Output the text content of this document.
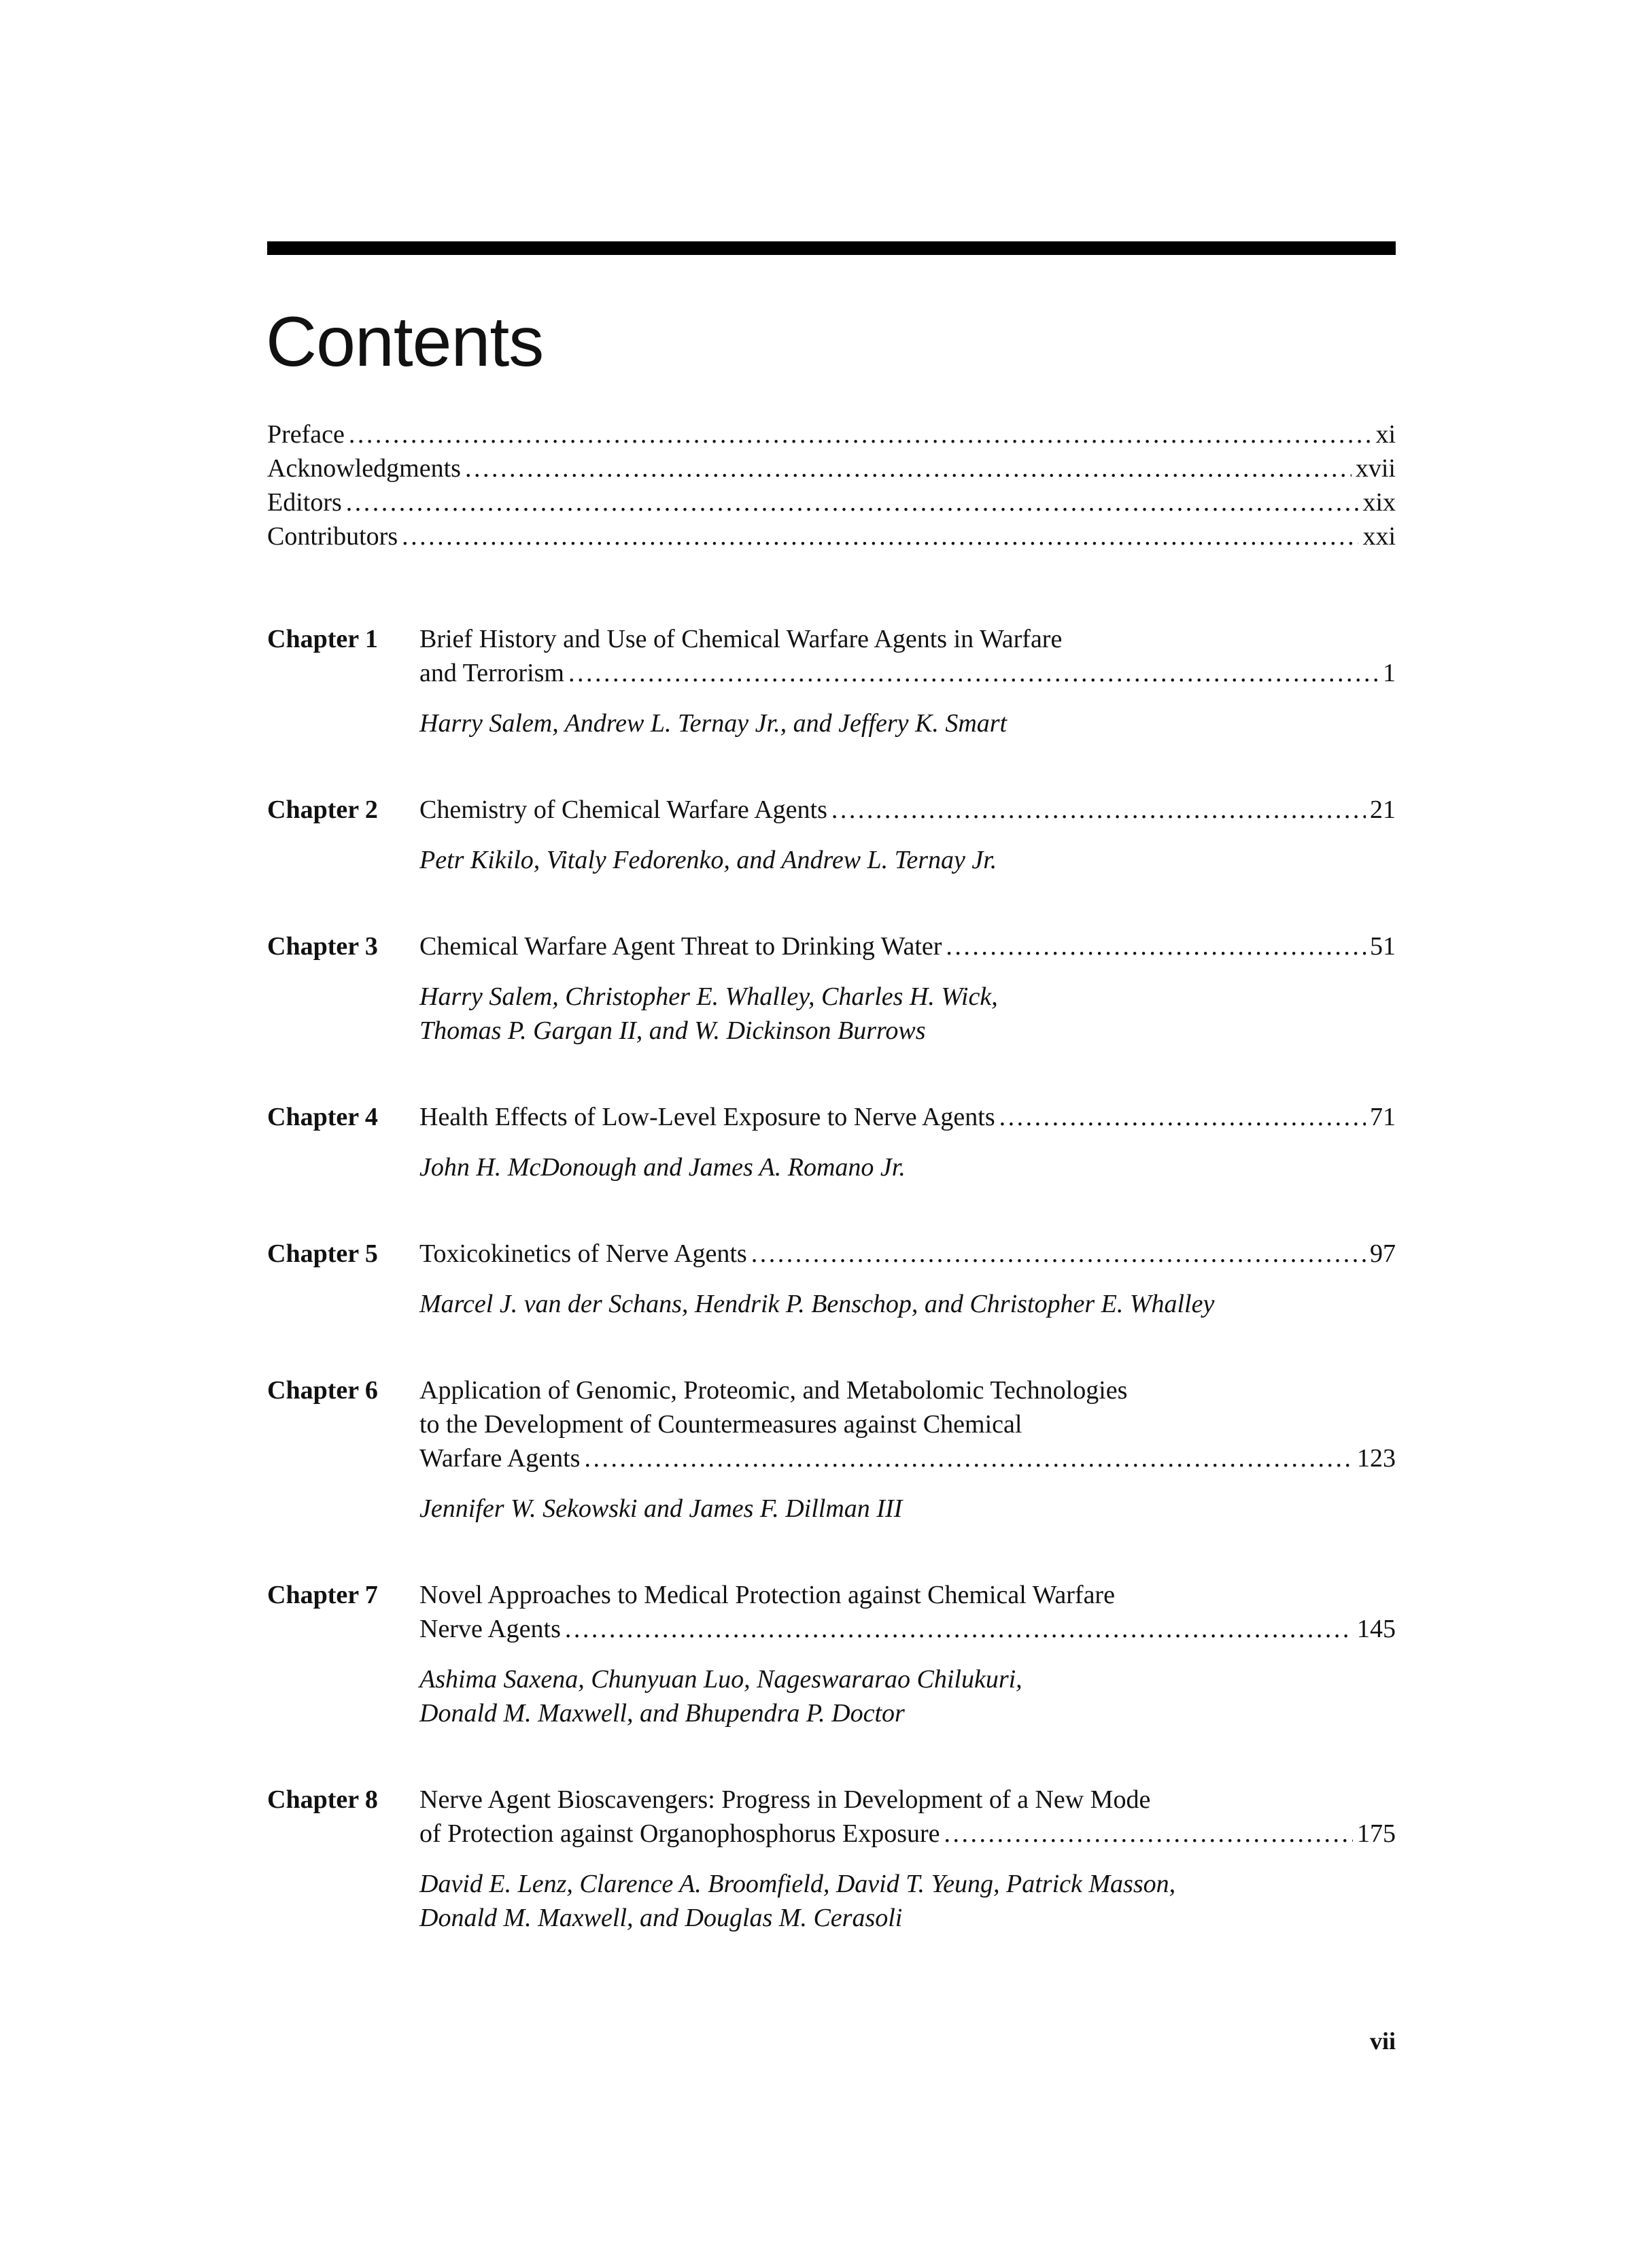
Contents
Preface . . .	xi
Acknowledgments . . .	xvii
Editors . . .	xix
Contributors . . .	xxi
Chapter 1 Brief History and Use of Chemical Warfare Agents in Warfare
and Terrorism . . .	1
Harry Salem, Andrew L. Ternay Jr., and Jeffery K. Smart
Chapter 2 Chemistry of Chemical Warfare Agents . . .	21
Petr Kikilo, Vitaly Fedorenko, and Andrew L. Ternay Jr.
Chapter 3 Chemical Warfare Agent Threat to Drinking Water . . .	51
Harry Salem, Christopher E. Whalley, Charles H. Wick,
Thomas P. Gargan II, and W. Dickinson Burrows
Chapter 4 Health Effects of Low-Level Exposure to Nerve Agents . . .	71
John H. McDonough and James A. Romano Jr.
Chapter 5 Toxicokinetics of Nerve Agents . . .	97
Marcel J. van der Schans, Hendrik P. Benschop, and Christopher E. Whalley
Chapter 6 Application of Genomic, Proteomic, and Metabolomic Technologies
to the Development of Countermeasures against Chemical
Warfare Agents . . .	123
Jennifer W. Sekowski and James F. Dillman III
Chapter 7 Novel Approaches to Medical Protection against Chemical Warfare
Nerve Agents . . .	145
Ashima Saxena, Chunyuan Luo, Nageswararao Chilukuri,
Donald M. Maxwell, and Bhupendra P. Doctor
Chapter 8 Nerve Agent Bioscavengers: Progress in Development of a New Mode
of Protection against Organophosphorus Exposure . . .	175
David E. Lenz, Clarence A. Broomfield, David T. Yeung, Patrick Masson,
Donald M. Maxwell, and Douglas M. Cerasoli
vii
